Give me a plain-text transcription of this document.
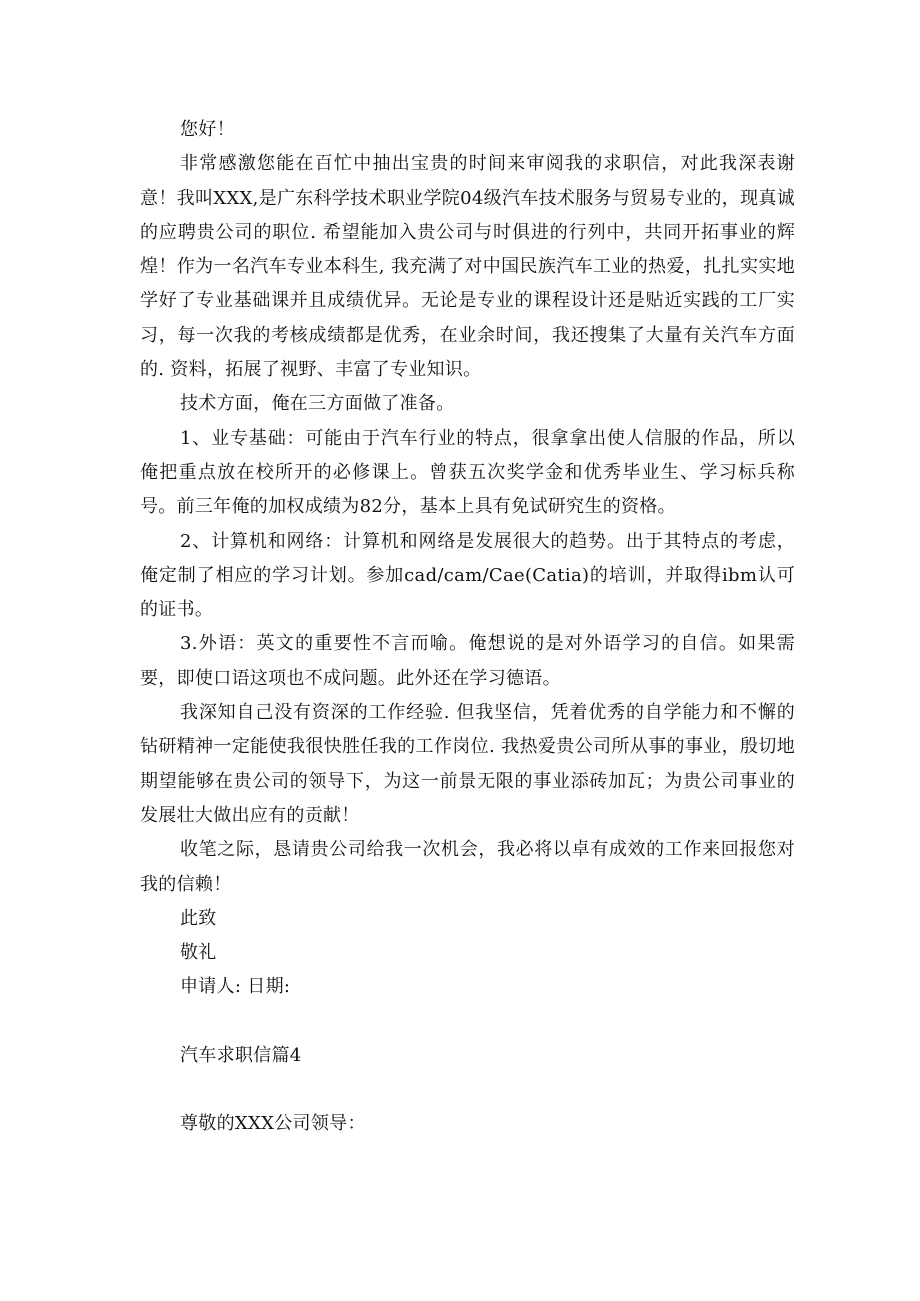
您好！

非常感激您能在百忙中抽出宝贵的时间来审阅我的求职信，对此我深表谢意！我叫XXX,是广东科学技术职业学院04级汽车技术服务与贸易专业的，现真诚的应聘贵公司的职位. 希望能加入贵公司与时俱进的行列中，共同开拓事业的辉煌！作为一名汽车专业本科生, 我充满了对中国民族汽车工业的热爱，扎扎实实地学好了专业基础课并且成绩优异。无论是专业的课程设计还是贴近实践的工厂实习，每一次我的考核成绩都是优秀，在业余时间，我还搜集了大量有关汽车方面的. 资料，拓展了视野、丰富了专业知识。

技术方面，俺在三方面做了准备。

1、业专基础：可能由于汽车行业的特点，很拿拿出使人信服的作品，所以俺把重点放在校所开的必修课上。曾获五次奖学金和优秀毕业生、学习标兵称号。前三年俺的加权成绩为82分，基本上具有免试研究生的资格。

2、计算机和网络：计算机和网络是发展很大的趋势。出于其特点的考虑，俺定制了相应的学习计划。参加cad/cam/Cae(Catia)的培训，并取得ibm认可的证书。

3.外语：英文的重要性不言而喻。俺想说的是对外语学习的自信。如果需要，即使口语这项也不成问题。此外还在学习德语。

我深知自己没有资深的工作经验. 但我坚信，凭着优秀的自学能力和不懈的钻研精神一定能使我很快胜任我的工作岗位. 我热爱贵公司所从事的事业，殷切地期望能够在贵公司的领导下，为这一前景无限的事业添砖加瓦；为贵公司事业的发展壮大做出应有的贡献！

收笔之际，恳请贵公司给我一次机会，我必将以卓有成效的工作来回报您对我的信赖！

此致

敬礼

申请人: 日期:

汽车求职信篇4

尊敬的XXX公司领导：
